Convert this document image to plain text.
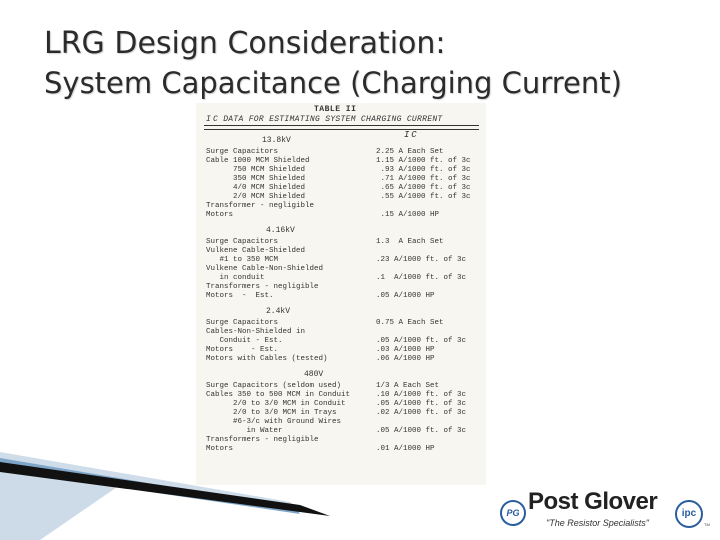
LRG Design Consideration:
System Capacitance (Charging Current)
TABLE II
I C DATA FOR ESTIMATING SYSTEM CHARGING CURRENT
I C
13.8kV
Surge Capacitors	2.25 A Each Set
Cable 1000 MCM Shielded	1.15 A/1000 ft. of 3c
750 MCM Shielded	.93 A/1000 ft. of 3c
350 MCM Shielded	.71 A/1000 ft. of 3c
4/0 MCM Shielded	.65 A/1000 ft. of 3c
2/0 MCM Shielded	.55 A/1000 ft. of 3c
Transformer - negligible
Motors	.15 A/1000 HP
4.16kV
Surge Capacitors	1.3  A Each Set
Vulkene Cable-Shielded
#1 to 350 MCM	.23 A/1000 ft. of 3c
Vulkene Cable-Non-Shielded
in conduit	.1  A/1000 ft. of 3c
Transformers - negligible
Motors  -  Est.	.05 A/1000 HP
2.4kV
Surge Capacitors	0.75 A Each Set
Cables-Non-Shielded in
Conduit - Est.	.05 A/1000 ft. of 3c
Motors    - Est.	.03 A/1000 HP
Motors with Cables (tested)	.06 A/1000 HP
480V
Surge Capacitors (seldom used)	1/3 A Each Set
Cables 350 to 500 MCM in Conduit	.10 A/1000 ft. of 3c
2/0 to 3/0 MCM in Conduit	.05 A/1000 ft. of 3c
2/0 to 3/0 MCM in Trays	.02 A/1000 ft. of 3c
#6-3/c with Ground Wires
in Water	.05 A/1000 ft. of 3c
Transformers - negligible
Motors	.01 A/1000 HP
PG Post Glover
"The Resistor Specialists"
ipc
TM
